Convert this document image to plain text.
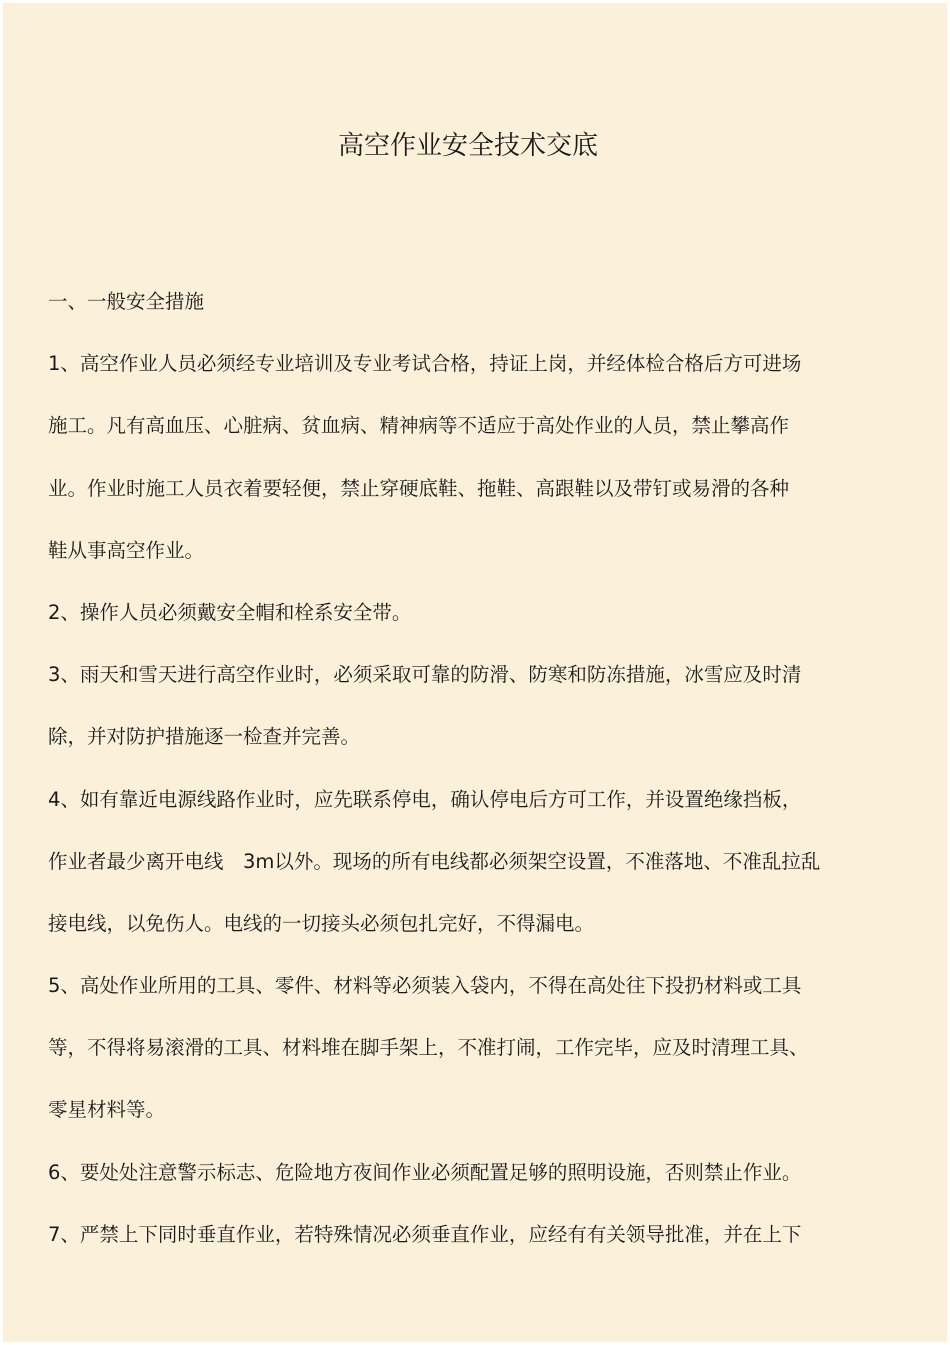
高空作业安全技术交底
一、一般安全措施
1、高空作业人员必须经专业培训及专业考试合格，持证上岗，并经体检合格后方可进场
施工。凡有高血压、心脏病、贫血病、精神病等不适应于高处作业的人员，禁止攀高作
业。作业时施工人员衣着要轻便，禁止穿硬底鞋、拖鞋、高跟鞋以及带钉或易滑的各种
鞋从事高空作业。
2、操作人员必须戴安全帽和栓系安全带。
3、雨天和雪天进行高空作业时，必须采取可靠的防滑、防寒和防冻措施，冰雪应及时清
除，并对防护措施逐一检查并完善。
4、如有靠近电源线路作业时，应先联系停电，确认停电后方可工作，并设置绝缘挡板，
作业者最少离开电线　3m以外。现场的所有电线都必须架空设置，不准落地、不准乱拉乱
接电线，以免伤人。电线的一切接头必须包扎完好，不得漏电。
5、高处作业所用的工具、零件、材料等必须装入袋内，不得在高处往下投扔材料或工具
等，不得将易滚滑的工具、材料堆在脚手架上，不准打闹，工作完毕，应及时清理工具、
零星材料等。
6、要处处注意警示标志、危险地方夜间作业必须配置足够的照明设施，否则禁止作业。
7、严禁上下同时垂直作业，若特殊情况必须垂直作业，应经有有关领导批准，并在上下
